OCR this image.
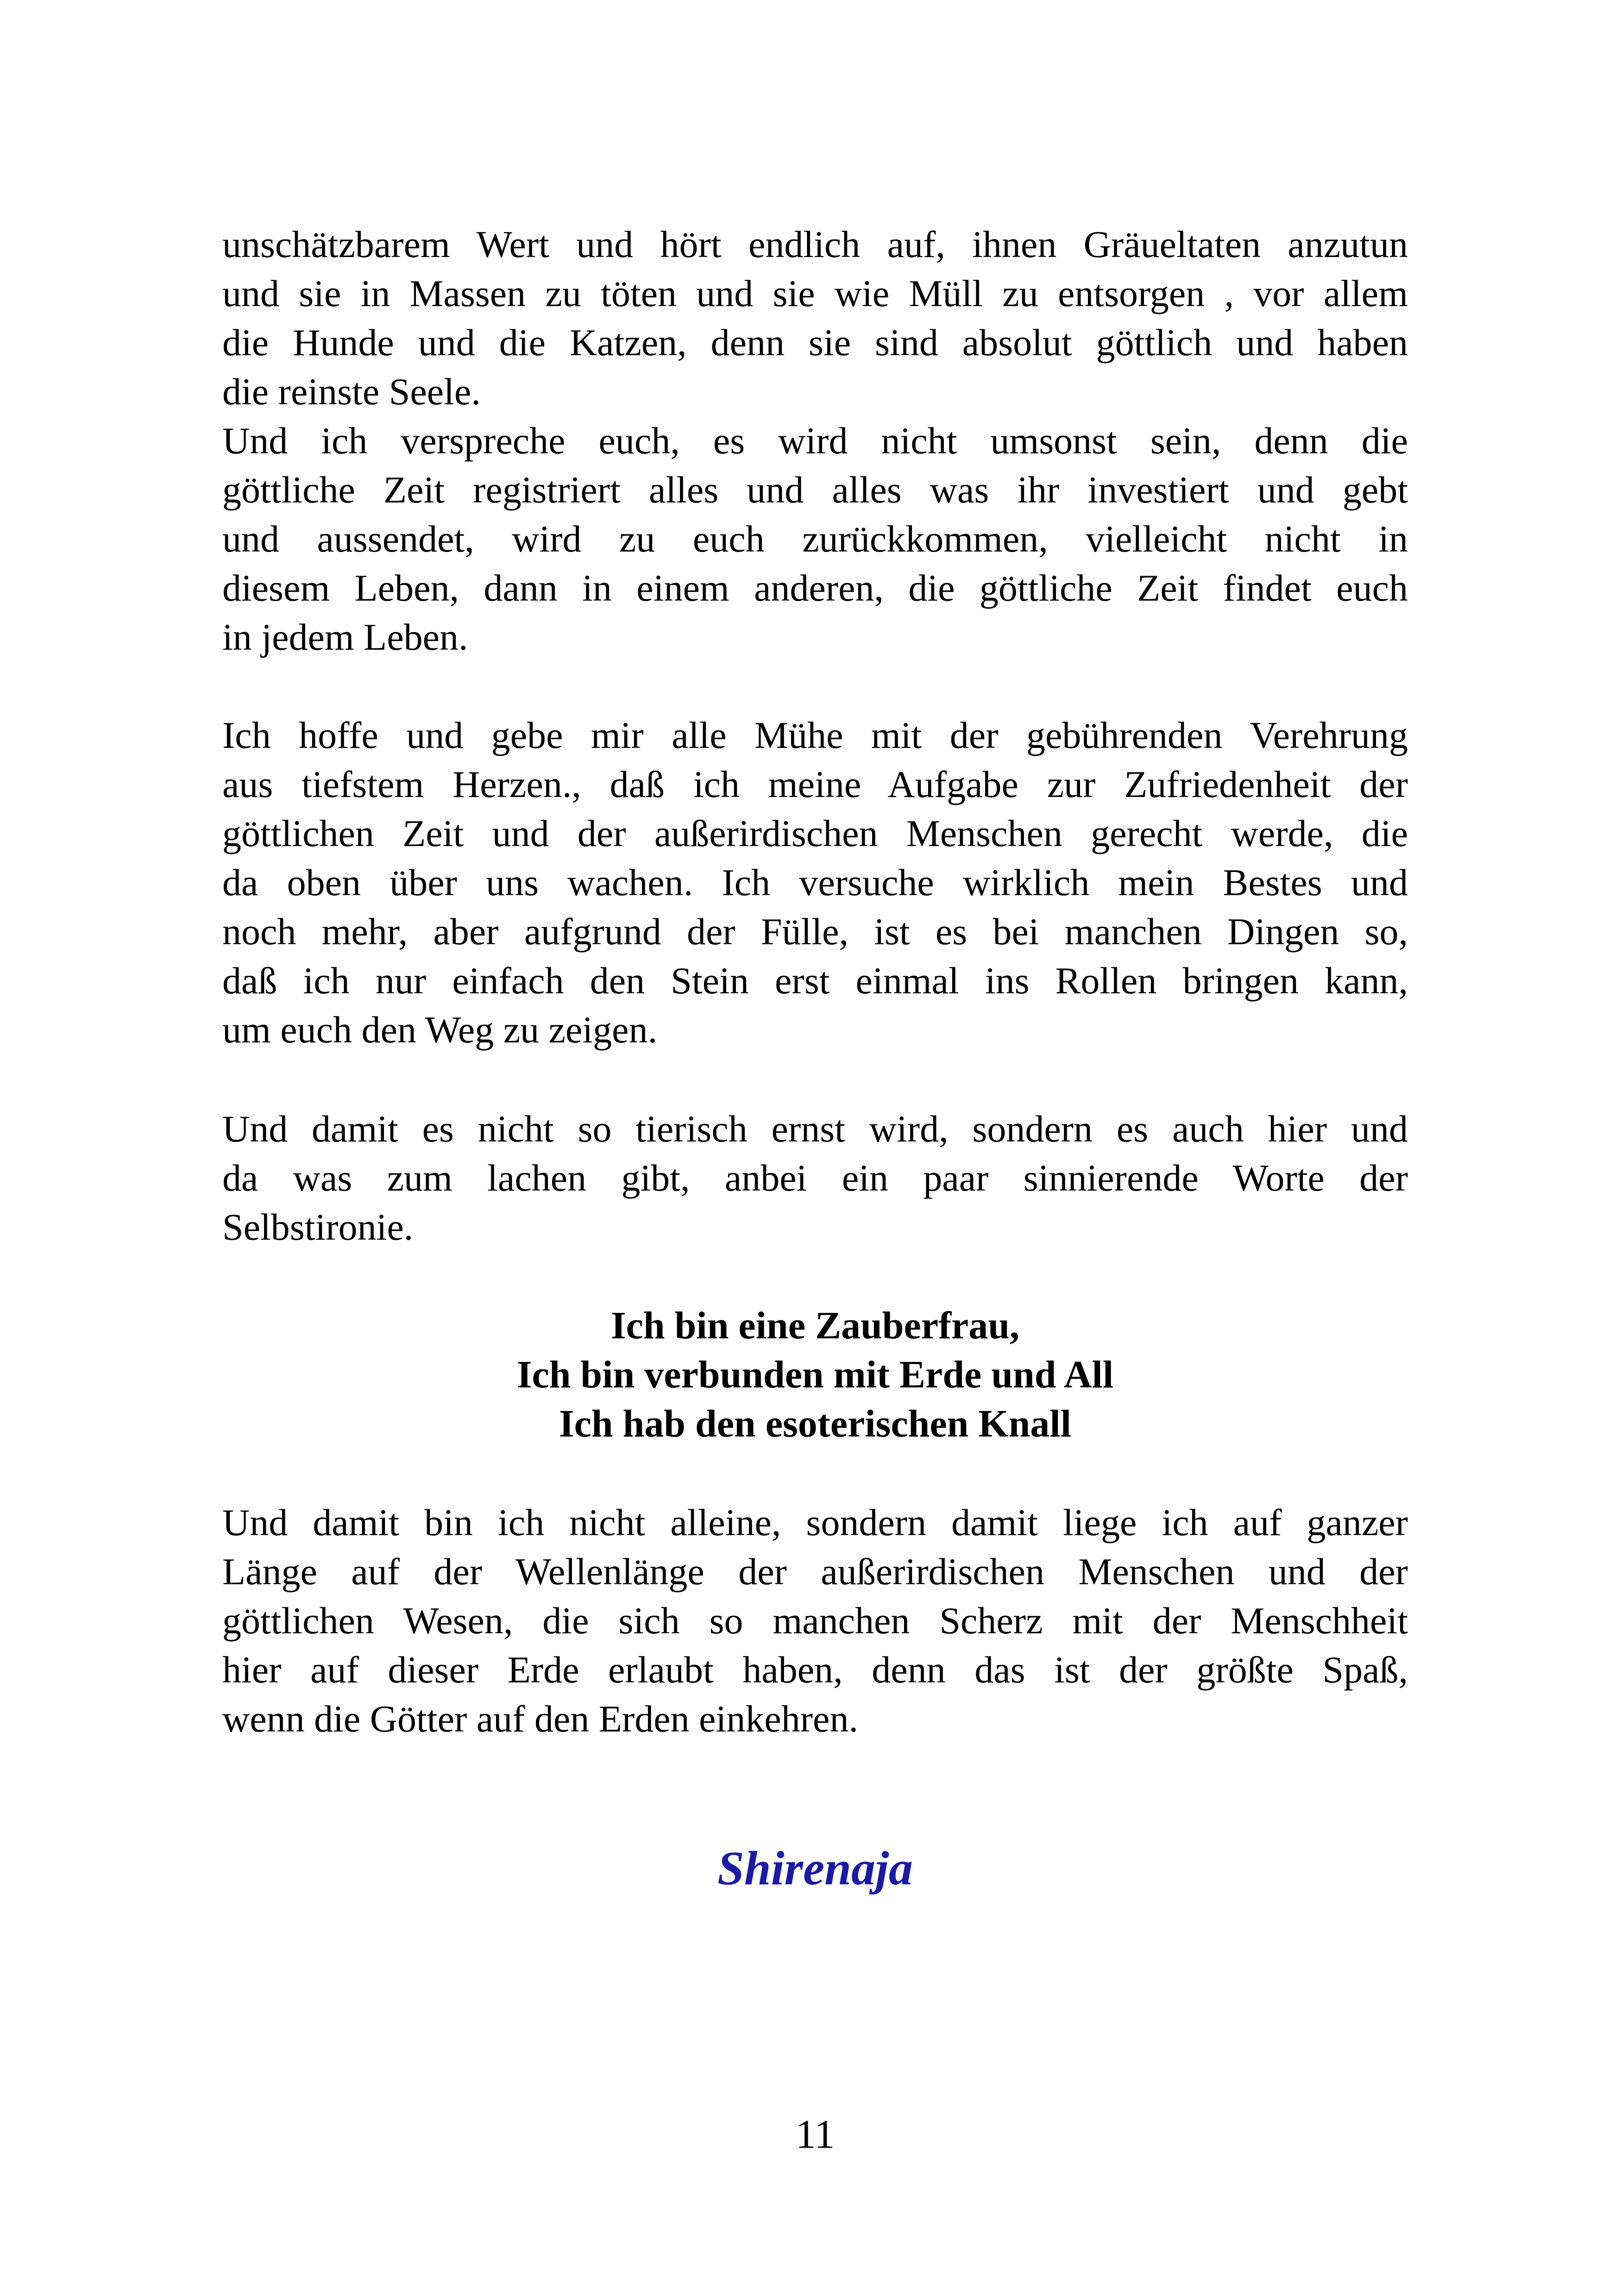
unschätzbarem Wert und hört endlich auf, ihnen Gräueltaten anzutun
und sie in Massen zu töten und sie wie Müll zu entsorgen , vor allem
die Hunde und die Katzen, denn sie sind absolut göttlich und haben
die reinste Seele.
Und ich verspreche euch, es wird nicht umsonst sein, denn die
göttliche Zeit registriert alles und alles was ihr investiert und gebt
und aussendet, wird zu euch zurückkommen, vielleicht nicht in
diesem Leben, dann in einem anderen, die göttliche Zeit findet euch
in jedem Leben.
Ich hoffe und gebe mir alle Mühe mit der gebührenden Verehrung
aus tiefstem Herzen., daß ich meine Aufgabe zur Zufriedenheit der
göttlichen Zeit und der außerirdischen Menschen gerecht werde, die
da oben über uns wachen. Ich versuche wirklich mein Bestes und
noch mehr, aber aufgrund der Fülle, ist es bei manchen Dingen so,
daß ich nur einfach den Stein erst einmal ins Rollen bringen kann,
um euch den Weg zu zeigen.
Und damit es nicht so tierisch ernst wird, sondern es auch hier und
da was zum lachen gibt, anbei ein paar sinnierende Worte der
Selbstironie.
Ich bin eine Zauberfrau,
Ich bin verbunden mit Erde und All
Ich hab den esoterischen Knall
Und damit bin ich nicht alleine, sondern damit liege ich auf ganzer
Länge auf der Wellenlänge der außerirdischen Menschen und der
göttlichen Wesen, die sich so manchen Scherz mit der Menschheit
hier auf dieser Erde erlaubt haben, denn das ist der größte Spaß,
wenn die Götter auf den Erden einkehren.
Shirenaja
11
